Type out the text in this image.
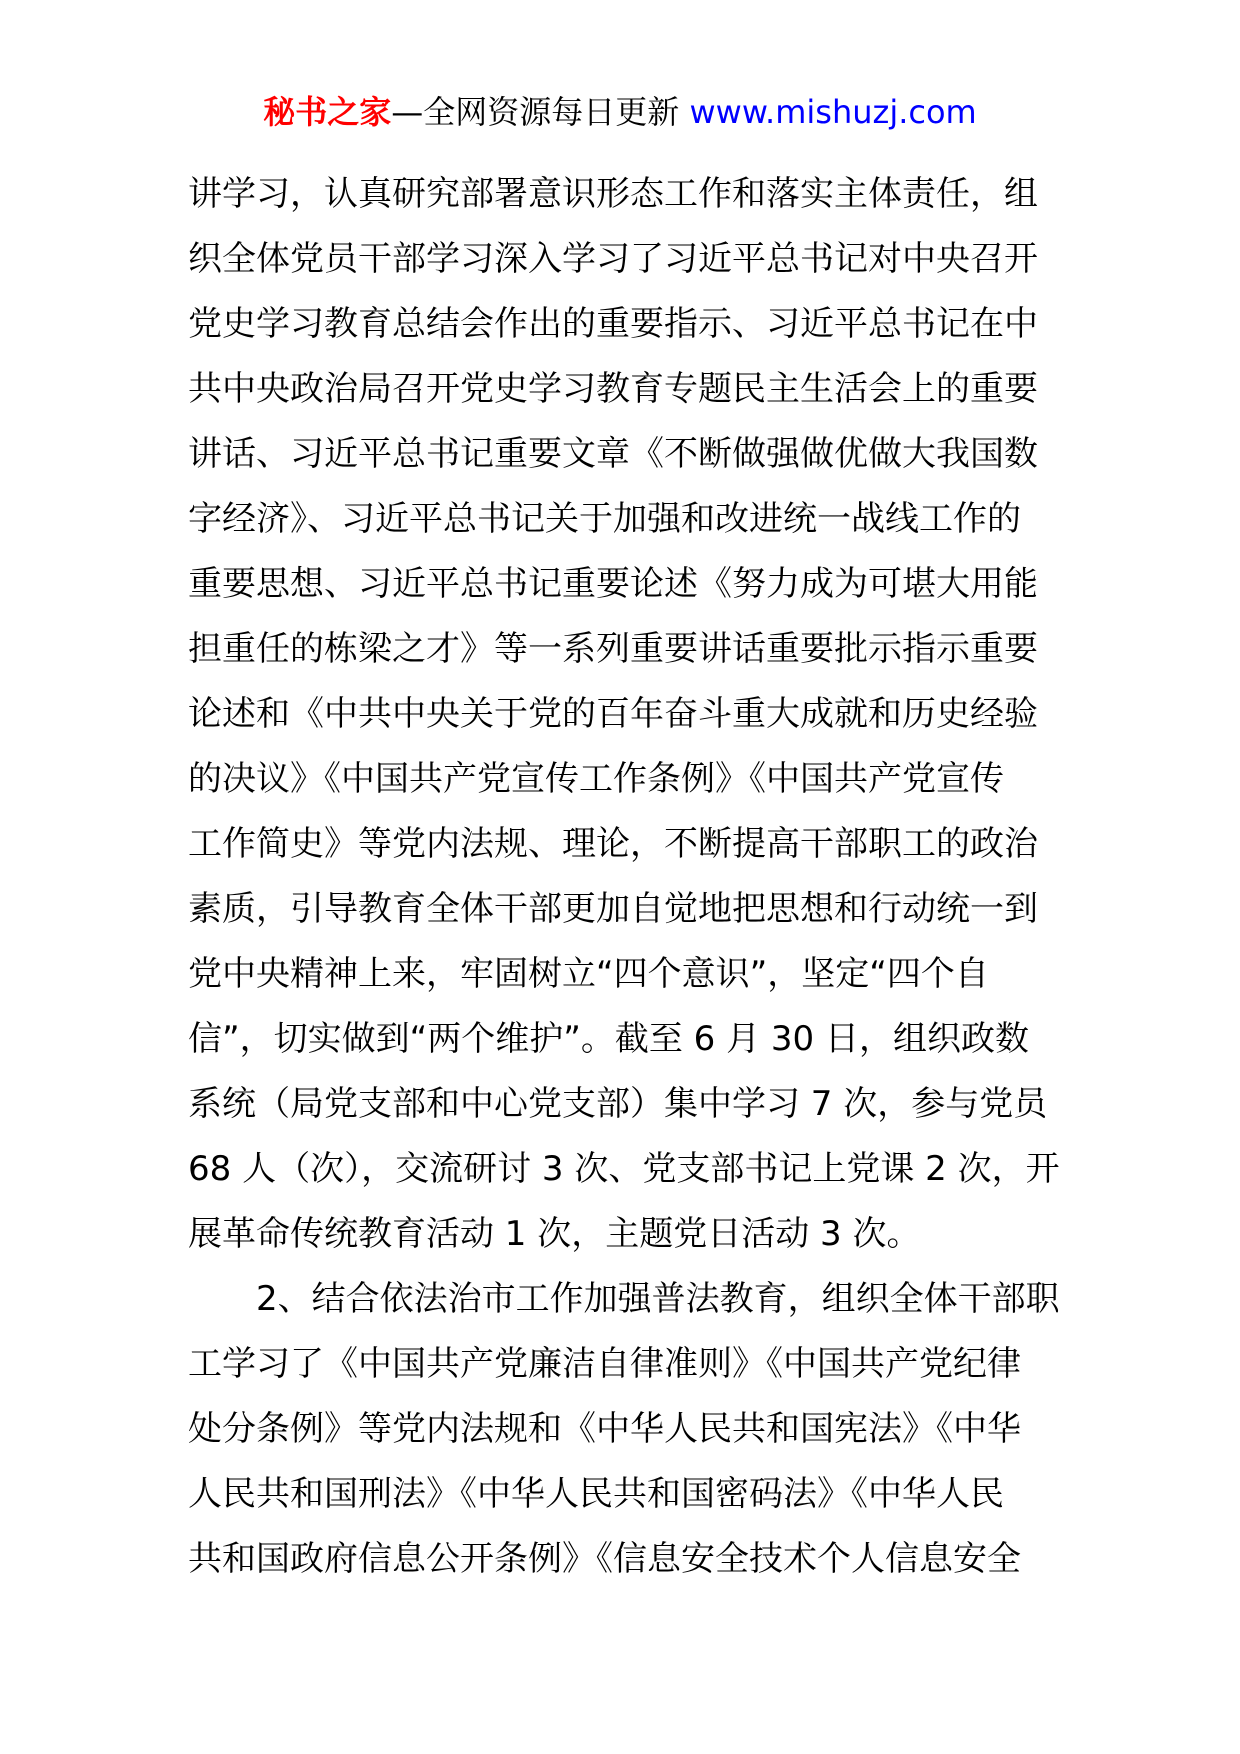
秘书之家—全网资源每日更新 www.mishuzj.com
讲学习，认真研究部署意识形态工作和落实主体责任，组
织全体党员干部学习深入学习了习近平总书记对中央召开
党史学习教育总结会作出的重要指示、习近平总书记在中
共中央政治局召开党史学习教育专题民主生活会上的重要
讲话、习近平总书记重要文章《不断做强做优做大我国数
字经济》、习近平总书记关于加强和改进统一战线工作的
重要思想、习近平总书记重要论述《努力成为可堪大用能
担重任的栋梁之才》等一系列重要讲话重要批示指示重要
论述和《中共中央关于党的百年奋斗重大成就和历史经验
的决议》《中国共产党宣传工作条例》《中国共产党宣传
工作简史》等党内法规、理论，不断提高干部职工的政治
素质，引导教育全体干部更加自觉地把思想和行动统一到
党中央精神上来，牢固树立“四个意识”，坚定“四个自
信”，切实做到“两个维护”。截至 6 月 30 日，组织政数
系统（局党支部和中心党支部）集中学习 7 次，参与党员
68 人（次），交流研讨 3 次、党支部书记上党课 2 次，开
展革命传统教育活动 1 次，主题党日活动 3 次。
2、结合依法治市工作加强普法教育，组织全体干部职
工学习了《中国共产党廉洁自律准则》《中国共产党纪律
处分条例》等党内法规和《中华人民共和国宪法》《中华
人民共和国刑法》《中华人民共和国密码法》《中华人民
共和国政府信息公开条例》《信息安全技术个人信息安全
